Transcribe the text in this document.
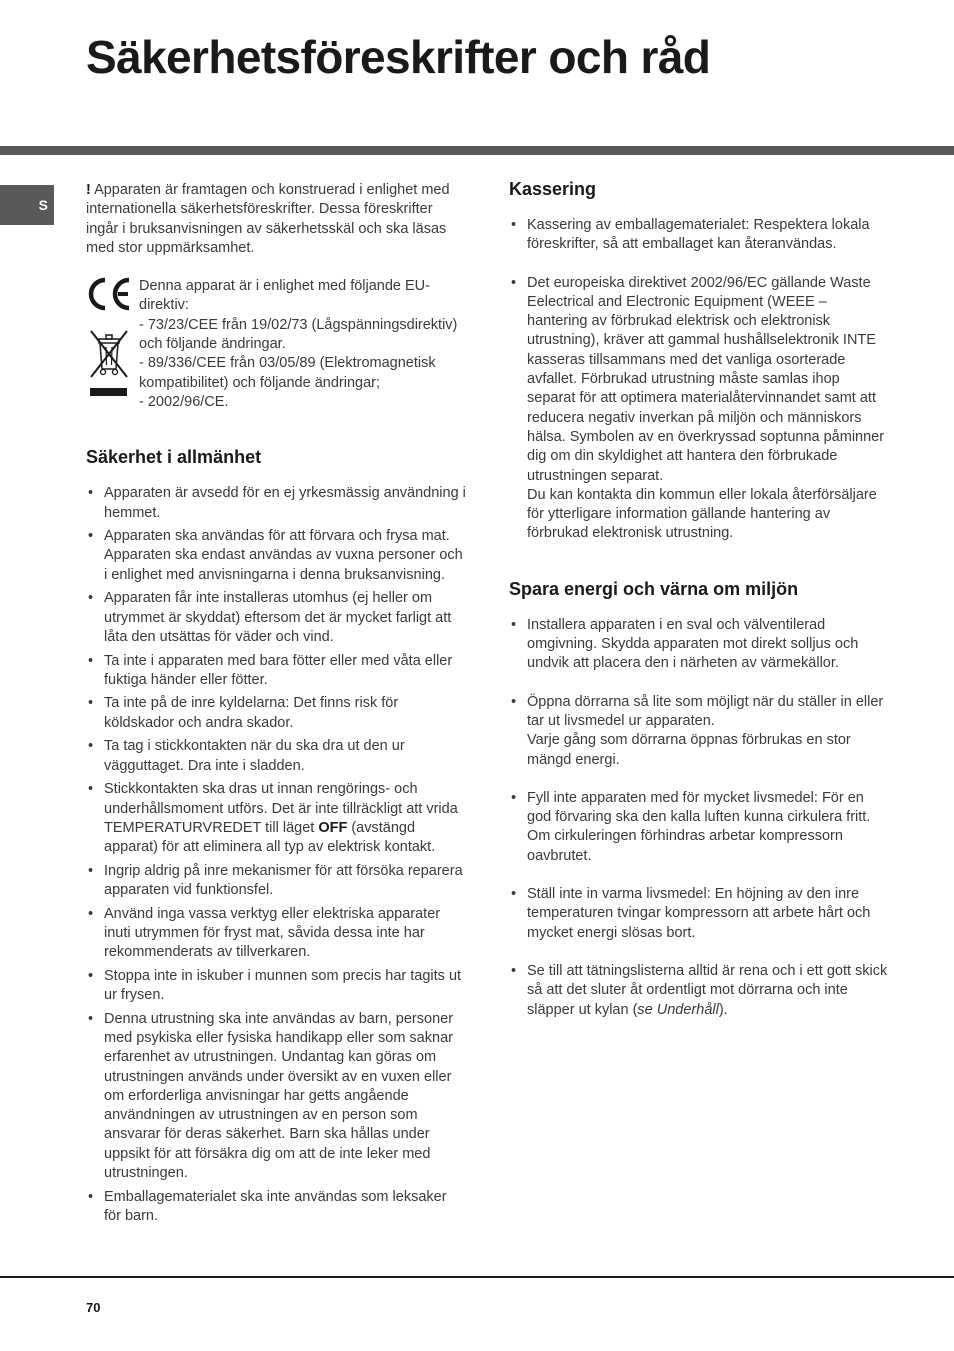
Säkerhetsföreskrifter och råd
S

! Apparaten är framtagen och konstruerad i enlighet med internationella säkerhetsföreskrifter. Dessa föreskrifter ingår i bruksanvisningen av säkerhetsskäl och ska läsas med stor uppmärksamhet.

Denna apparat är i enlighet med följande EU-direktiv:

- 73/23/CEE från 19/02/73 (Lågspänningsdirektiv) och följande ändringar.

- 89/336/CEE från 03/05/89 (Elektromagnetisk kompatibilitet) och följande ändringar;

- 2002/96/CE.

Säkerhet i allmänhet
• Apparaten är avsedd för en ej yrkesmässig användning i hemmet.
• Apparaten ska användas för att förvara och frysa mat. Apparaten ska endast användas av vuxna personer och i enlighet med anvisningarna i denna bruksanvisning.
• Apparaten får inte installeras utomhus (ej heller om utrymmet är skyddat) eftersom det är mycket farligt att låta den utsättas för väder och vind.
• Ta inte i apparaten med bara fötter eller med våta eller fuktiga händer eller fötter.
• Ta inte på de inre kyldelarna: Det finns risk för köldskador och andra skador.
• Ta tag i stickkontakten när du ska dra ut den ur vägguttaget. Dra inte i sladden.
• Stickkontakten ska dras ut innan rengörings- och underhållsmoment utförs. Det är inte tillräckligt att vrida TEMPERATURVREDET till läget OFF (avstängd apparat) för att eliminera all typ av elektrisk kontakt.
• Ingrip aldrig på inre mekanismer för att försöka reparera apparaten vid funktionsfel.
• Använd inga vassa verktyg eller elektriska apparater inuti utrymmen för fryst mat, såvida dessa inte har rekommenderats av tillverkaren.
• Stoppa inte in iskuber i munnen som precis har tagits ut ur frysen.
• Denna utrustning ska inte användas av barn, personer med psykiska eller fysiska handikapp eller som saknar erfarenhet av utrustningen. Undantag kan göras om utrustningen används under översikt av en vuxen eller om erforderliga anvisningar har getts angående användningen av utrustningen av en person som ansvarar för deras säkerhet. Barn ska hållas under uppsikt för att försäkra dig om att de inte leker med utrustningen.
• Emballagematerialet ska inte användas som leksaker för barn.
Kassering
• Kassering av emballagematerialet: Respektera lokala föreskrifter, så att emballaget kan återanvändas.

• Det europeiska direktivet 2002/96/EC gällande Waste Eelectrical and Electronic Equipment (WEEE – hantering av förbrukad elektrisk och elektronisk utrustning), kräver att gammal hushållselektronik INTE kasseras tillsammans med det vanliga osorterade avfallet. Förbrukad utrustning måste samlas ihop separat för att optimera materialåtervinnandet samt att reducera negativ inverkan på miljön och människors hälsa. Symbolen av en överkryssad soptunna påminner dig om din skyldighet att hantera den förbrukade utrustningen separat.

Du kan kontakta din kommun eller lokala återförsäljare för ytterligare information gällande hantering av förbrukad elektronisk utrustning.

Spara energi och värna om miljön
• Installera apparaten i en sval och välventilerad omgivning. Skydda apparaten mot direkt solljus och undvik att placera den i närheten av värmekällor.

• Öppna dörrarna så lite som möjligt när du ställer in eller tar ut livsmedel ur apparaten.

Varje gång som dörrarna öppnas förbrukas en stor mängd energi.

• Fyll inte apparaten med för mycket livsmedel: För en god förvaring ska den kalla luften kunna cirkulera fritt. Om cirkuleringen förhindras arbetar kompressorn oavbrutet.
• Ställ inte in varma livsmedel: En höjning av den inre temperaturen tvingar kompressorn att arbete hårt och mycket energi slösas bort.
• Se till att tätningslisterna alltid är rena och i ett gott skick så att det sluter åt ordentligt mot dörrarna och inte släpper ut kylan (se Underhåll).
70
